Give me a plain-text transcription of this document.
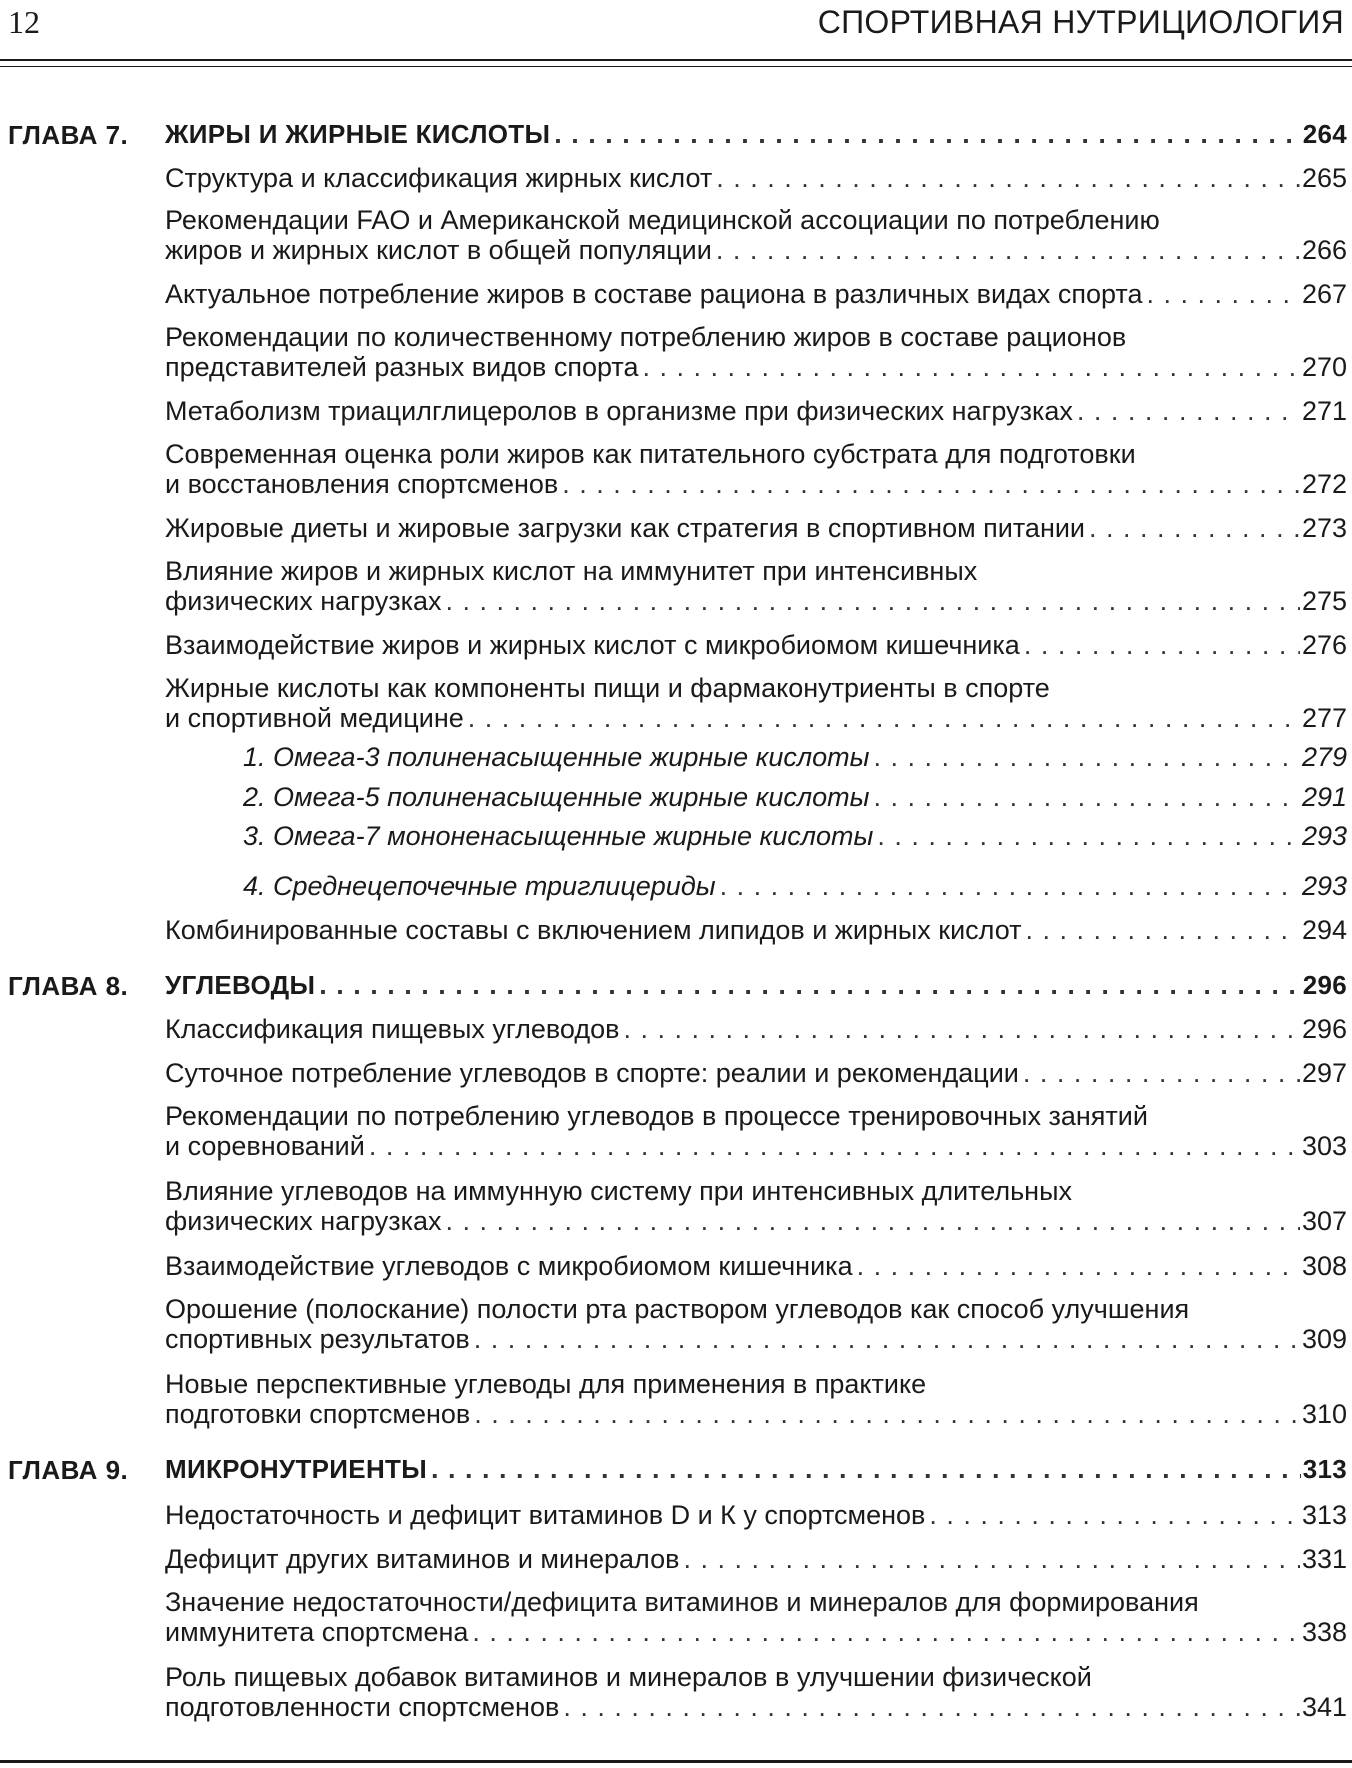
12	СПОРТИВНАЯ НУТРИЦИОЛОГИЯ
ГЛАВА 7. ЖИРЫ И ЖИРНЫЕ КИСЛОТЫ . . .	264
Структура и классификация жирных кислот . . .	265
Рекомендации FAO и Американской медицинской ассоциации по потреблению
жиров и жирных кислот в общей популяции . . .	266
Актуальное потребление жиров в составе рациона в различных видах спорта . . .	267
Рекомендации по количественному потреблению жиров в составе рационов
представителей разных видов спорта . . .	270
Метаболизм триацилглицеролов в организме при физических нагрузках . . .	271
Современная оценка роли жиров как питательного субстрата для подготовки
и восстановления спортсменов . . .	272
Жировые диеты и жировые загрузки как стратегия в спортивном питании . . .	273
Влияние жиров и жирных кислот на иммунитет при интенсивных
физических нагрузках . . .	275
Взаимодействие жиров и жирных кислот с микробиомом кишечника . . .	276
Жирные кислоты как компоненты пищи и фармаконутриенты в спорте
и спортивной медицине . . .	277
1. Омега-3 полиненасыщенные жирные кислоты . . .	279
2. Омега-5 полиненасыщенные жирные кислоты . . .	291
3. Омега-7 мононенасыщенные жирные кислоты . . .	293
4. Среднецепочечные триглицериды . . .	293
Комбинированные составы с включением липидов и жирных кислот . . .	294
ГЛАВА 8. УГЛЕВОДЫ . . .	296
Классификация пищевых углеводов . . .	296
Суточное потребление углеводов в спорте: реалии и рекомендации . . .	297
Рекомендации по потреблению углеводов в процессе тренировочных занятий
и соревнований . . .	303
Влияние углеводов на иммунную систему при интенсивных длительных
физических нагрузках . . .	307
Взаимодействие углеводов с микробиомом кишечника . . .	308
Орошение (полоскание) полости рта раствором углеводов как способ улучшения
спортивных результатов . . .	309
Новые перспективные углеводы для применения в практике
подготовки спортсменов . . .	310
ГЛАВА 9. МИКРОНУТРИЕНТЫ . . .	313
Недостаточность и дефицит витаминов D и К у спортсменов . . .	313
Дефицит других витаминов и минералов . . .	331
Значение недостаточности/дефицита витаминов и минералов для формирования
иммунитета спортсмена . . .	338
Роль пищевых добавок витаминов и минералов в улучшении физической
подготовленности спортсменов . . .	341
